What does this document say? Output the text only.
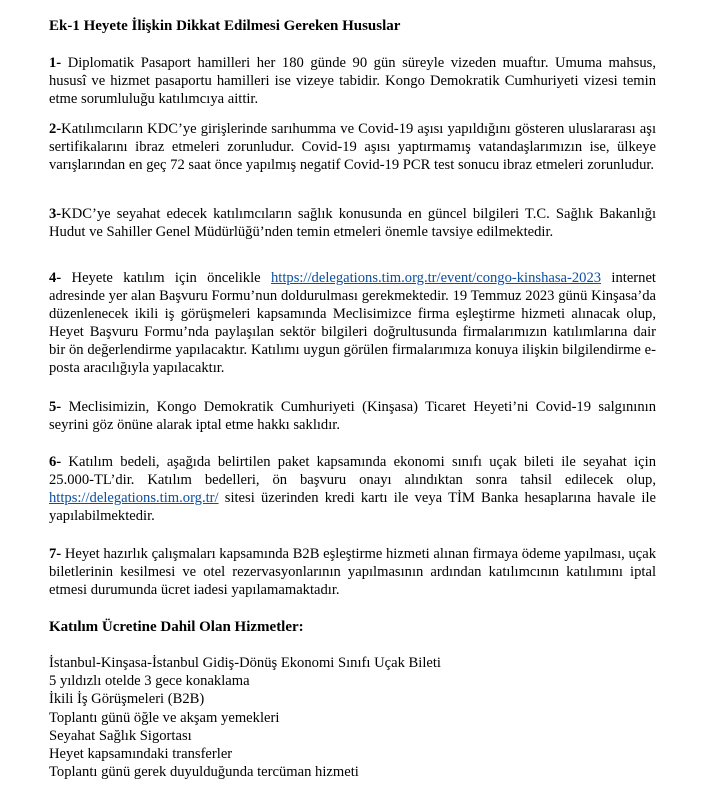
Ek-1 Heyete İlişkin Dikkat Edilmesi Gereken Hususlar

1- Diplomatik Pasaport hamilleri her 180 günde 90 gün süreyle vizeden muaftır. Umuma mahsus, hususî ve hizmet pasaportu hamilleri ise vizeye tabidir. Kongo Demokratik Cumhuriyeti vizesi temin etme sorumluluğu katılımcıya aittir.

2-Katılımcıların KDC’ye girişlerinde sarıhumma ve Covid-19 aşısı yapıldığını gösteren uluslararası aşı sertifikalarını ibraz etmeleri zorunludur. Covid-19 aşısı yaptırmamış vatandaşlarımızın ise, ülkeye varışlarından en geç 72 saat önce yapılmış negatif Covid-19 PCR test sonucu ibraz etmeleri zorunludur.

3-KDC’ye seyahat edecek katılımcıların sağlık konusunda en güncel bilgileri T.C. Sağlık Bakanlığı Hudut ve Sahiller Genel Müdürlüğü’nden temin etmeleri önemle tavsiye edilmektedir.

4- Heyete katılım için öncelikle https://delegations.tim.org.tr/event/congo-kinshasa-2023 internet adresinde yer alan Başvuru Formu’nun doldurulması gerekmektedir. 19 Temmuz 2023 günü Kinşasa’da düzenlenecek ikili iş görüşmeleri kapsamında Meclisimizce firma eşleştirme hizmeti alınacak olup, Heyet Başvuru Formu’nda paylaşılan sektör bilgileri doğrultusunda firmalarımızın katılımlarına dair bir ön değerlendirme yapılacaktır. Katılımı uygun görülen firmalarımıza konuya ilişkin bilgilendirme e-posta aracılığıyla yapılacaktır.

5- Meclisimizin, Kongo Demokratik Cumhuriyeti (Kinşasa) Ticaret Heyeti’ni Covid-19 salgınının seyrini göz önüne alarak iptal etme hakkı saklıdır.

6- Katılım bedeli, aşağıda belirtilen paket kapsamında ekonomi sınıfı uçak bileti ile seyahat için 25.000-TL’dir. Katılım bedelleri, ön başvuru onayı alındıktan sonra tahsil edilecek olup, https://delegations.tim.org.tr/ sitesi üzerinden kredi kartı ile veya TİM Banka hesaplarına havale ile yapılabilmektedir.

7- Heyet hazırlık çalışmaları kapsamında B2B eşleştirme hizmeti alınan firmaya ödeme yapılması, uçak biletlerinin kesilmesi ve otel rezervasyonlarının yapılmasının ardından katılımcının katılımını iptal etmesi durumunda ücret iadesi yapılamamaktadır.

Katılım Ücretine Dahil Olan Hizmetler:
İstanbul-Kinşasa-İstanbul Gidiş-Dönüş Ekonomi Sınıfı Uçak Bileti
5 yıldızlı otelde 3 gece konaklama
İkili İş Görüşmeleri (B2B)
Toplantı günü öğle ve akşam yemekleri
Seyahat Sağlık Sigortası
Heyet kapsamındaki transferler
Toplantı günü gerek duyulduğunda tercüman hizmeti
